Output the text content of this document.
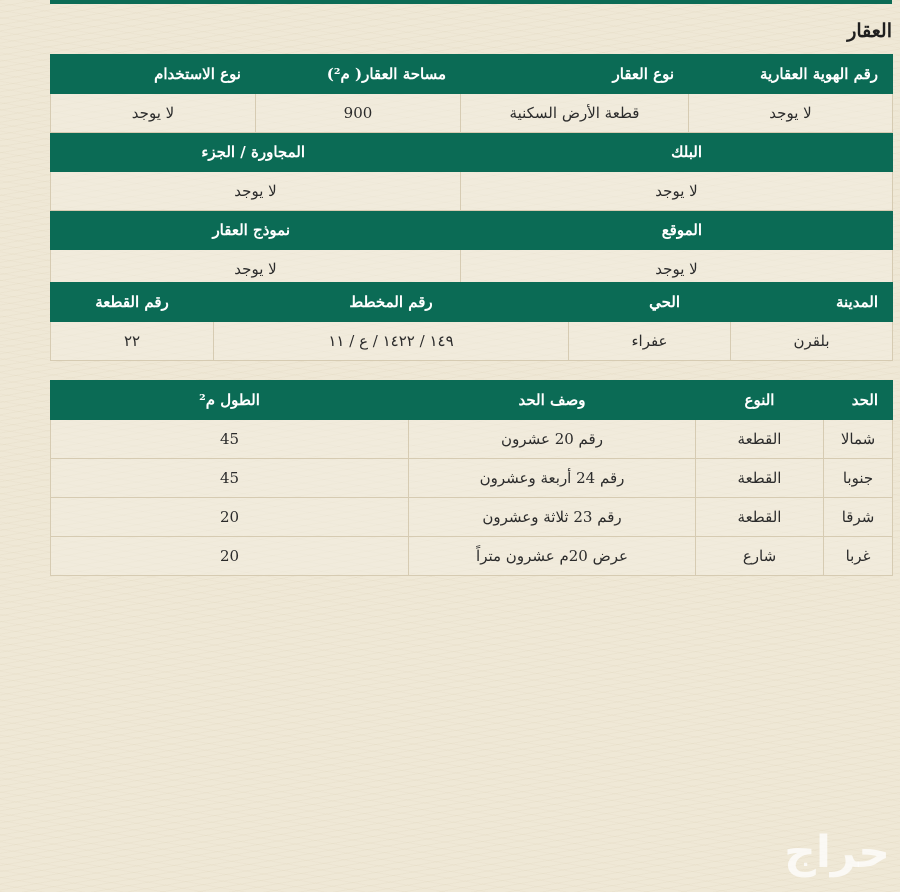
العقار
رقم الهوية العقارية	نوع العقار	مساحة العقار( م²)	نوع الاستخدام
لا يوجد	قطعة الأرض السكنية	900	لا يوجد
البلك		المجاورة / الجزء	
لا يوجد		لا يوجد	
الموقع		نموذج العقار	
لا يوجد		لا يوجد	
المدينة	الحي	رقم المخطط	رقم القطعة
بلقرن	عفراء	١٤٩ / ١٤٢٢ / ع / ١١	٢٢
الحد	النوع	وصف الحد	الطول م²
شمالا	القطعة	رقم 20 عشرون	45
جنوبا	القطعة	رقم 24 أربعة وعشرون	45
شرقا	القطعة	رقم 23 ثلاثة وعشرون	20
غربا	شارع	عرض 20م عشرون متراً	20
حراج
